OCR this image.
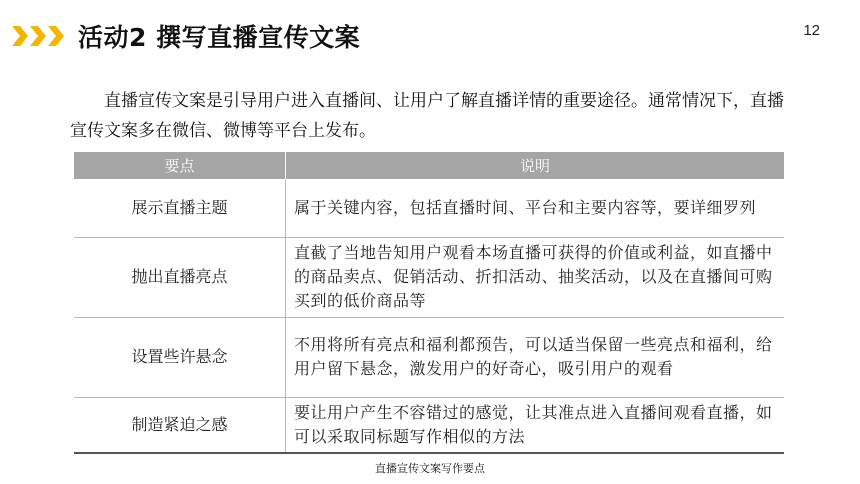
活动2 撰写直播宣传文案	12

直播宣传文案是引导用户进入直播间、让用户了解直播详情的重要途径。通常情况下，直播宣传文案多在微信、微博等平台上发布。

要点	说明
展示直播主题	属于关键内容，包括直播时间、平台和主要内容等，要详细罗列
抛出直播亮点	直截了当地告知用户观看本场直播可获得的价值或利益，如直播中的商品卖点、促销活动、折扣活动、抽奖活动，以及在直播间可购买到的低价商品等
设置些许悬念	不用将所有亮点和福利都预告，可以适当保留一些亮点和福利，给用户留下悬念，激发用户的好奇心，吸引用户的观看
制造紧迫之感	要让用户产生不容错过的感觉，让其准点进入直播间观看直播，如可以采取同标题写作相似的方法
直播宣传文案写作要点
